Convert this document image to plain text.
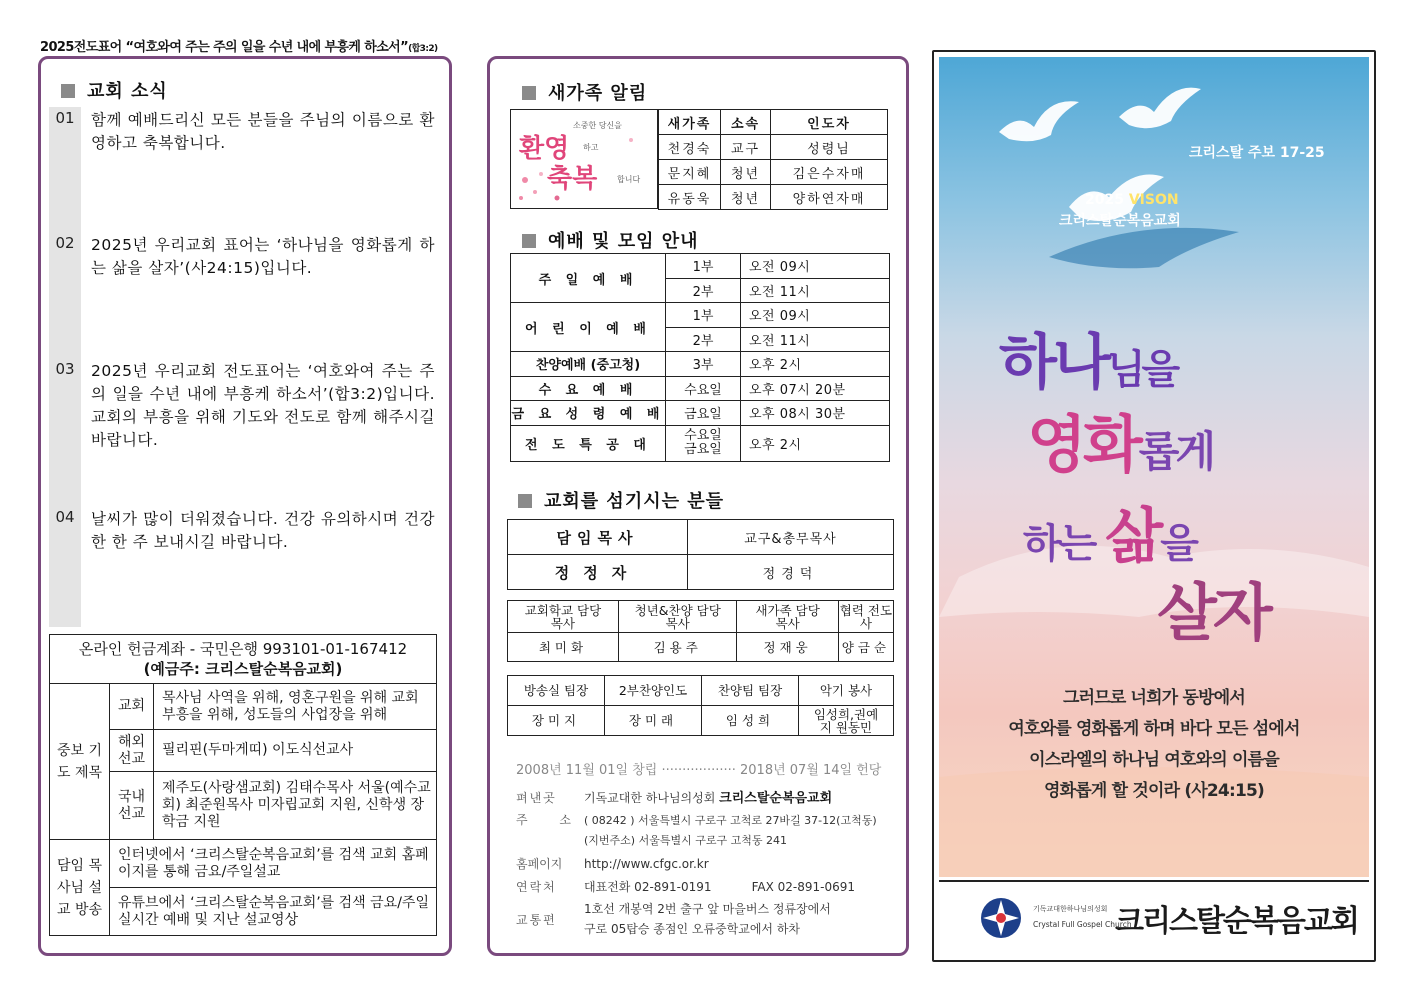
2025전도표어 “여호와여 주는 주의 일을 수년 내에 부흥케 하소서”(합3:2)
교회 소식
01	함께 예배드리신 모든 분들을 주님의 이름으로 환영하고 축복합니다.
02	2025년 우리교회 표어는 ‘하나님을 영화롭게 하는 삶을 살자’(사24:15)입니다.
03	2025년 우리교회 전도표어는 ‘여호와여 주는 주의 일을 수년 내에 부흥케 하소서’(합3:2)입니다. 교회의 부흥을 위해 기도와 전도로 함께 해주시길 바랍니다.
04	날씨가 많이 더워졌습니다. 건강 유의하시며 건강한 한 주 보내시길 바랍니다.
온라인 헌금계좌 - 국민은행 993101-01-167412
(예금주: 크리스탈순복음교회)		

중보 기도 제목	교회	목사님 사역을 위해, 영혼구원을 위해 교회부흥을 위해, 성도들의 사업장을 위해
	해외 선교	필리핀(두마게띠) 이도식선교사
	국내 선교	제주도(사랑샘교회) 김태수목사 서울(예수교회) 최준원목사 미자립교회 지원, 신학생 장학금 지원
담임 목사님 설교 방송	인터넷에서 ‘크리스탈순복음교회’를 검색 교회 홈페이지를 통해 금요/주일설교	
	유튜브에서 ‘크리스탈순복음교회’를 검색 금요/주일 실시간 예배 및 지난 설교영상	
새가족 알림
소중한 당신을
환영 하고
축복 합니다
새가족	소속	인도자
천경숙	교구	성령님
문지혜	청년	김은수자매
유동욱	청년	양하연자매
예배 및 모임 안내
주 일 예 배	1부	오전 09시
	2부	오전 11시
어 린 이 예 배	1부	오전 09시
	2부	오전 11시
찬양예배 (중고청)	3부	오후 2시
수 요 예 배	수요일	오후 07시 20분
금 요 성 령 예 배	금요일	오후 08시 30분
전 도 특 공 대	수요일 금요일	오후 2시
교회를 섬기시는 분들
담임목사	교구&총무목사
정정자	정경덕
교회학교 담당목사	청년&찬양 담당목사	새가족 담당목사	협력 전도사
최미화	김용주	정재웅	양금순
방송실 팀장	2부찬양인도	찬양팀 팀장	악기 봉사
장미지	장미래	임성희	임성희,권예지 원동민
2008년 11월 01일 창립 ·················· 2018년 07월 14일 헌당
펴낸곳 기독교대한 하나님의성회 크리스탈순복음교회
주 소( 08242 ) 서울특별시 구로구 고척로 27바길 37-12(고척동)
(지번주소) 서울특별시 구로구 고척동 241
홈페이지 http://www.cfgc.or.kr
연락처 대표전화 02-891-0191	FAX 02-891-0691
교통편
1호선 개봉역 2번 출구 앞 마을버스 정류장에서
구로 05탑승 종점인 오류중학교에서 하차
크리스탈 주보 17-25
2025 VISON
크리스탈순복음교회
하나님을
영화롭게
하는 삶을
살자
그러므로 너희가 동방에서
여호와를 영화롭게 하며 바다 모든 섬에서
이스라엘의 하나님 여호와의 이름을
영화롭게 할 것이라 (사24:15)
기독교대한하나님의성회
Crystal Full Gospel Church
크리스탈순복음교회
